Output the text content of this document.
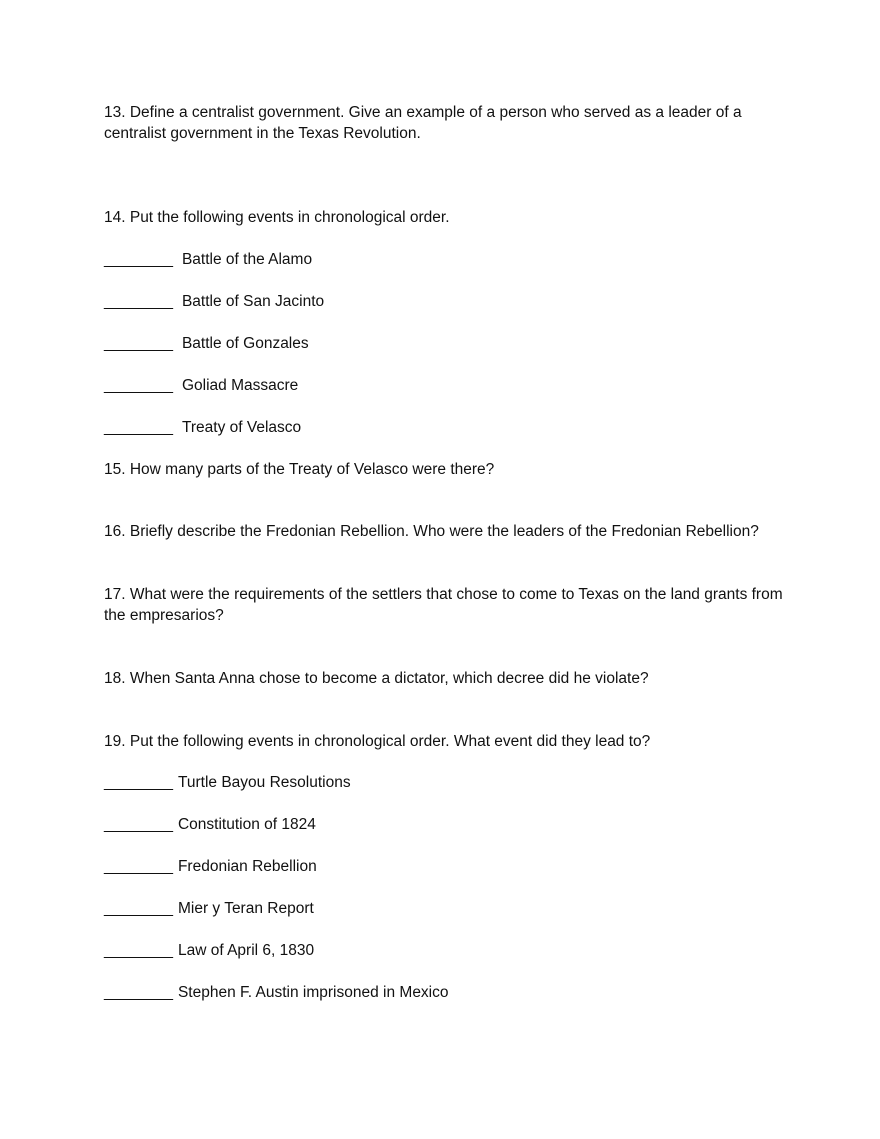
13. Define a centralist government. Give an example of a person who served as a leader of a centralist government in the Texas Revolution.

14. Put the following events in chronological order.

________ Battle of the Alamo
________ Battle of San Jacinto
________ Battle of Gonzales
________ Goliad Massacre
________ Treaty of Velasco

15. How many parts of the Treaty of Velasco were there?

16. Briefly describe the Fredonian Rebellion. Who were the leaders of the Fredonian Rebellion?

17. What were the requirements of the settlers that chose to come to Texas on the land grants from the empresarios?

18. When Santa Anna chose to become a dictator, which decree did he violate?

19. Put the following events in chronological order. What event did they lead to?

________ Turtle Bayou Resolutions
________ Constitution of 1824
________ Fredonian Rebellion
________ Mier y Teran Report
________ Law of April 6, 1830
________ Stephen F. Austin imprisoned in Mexico
